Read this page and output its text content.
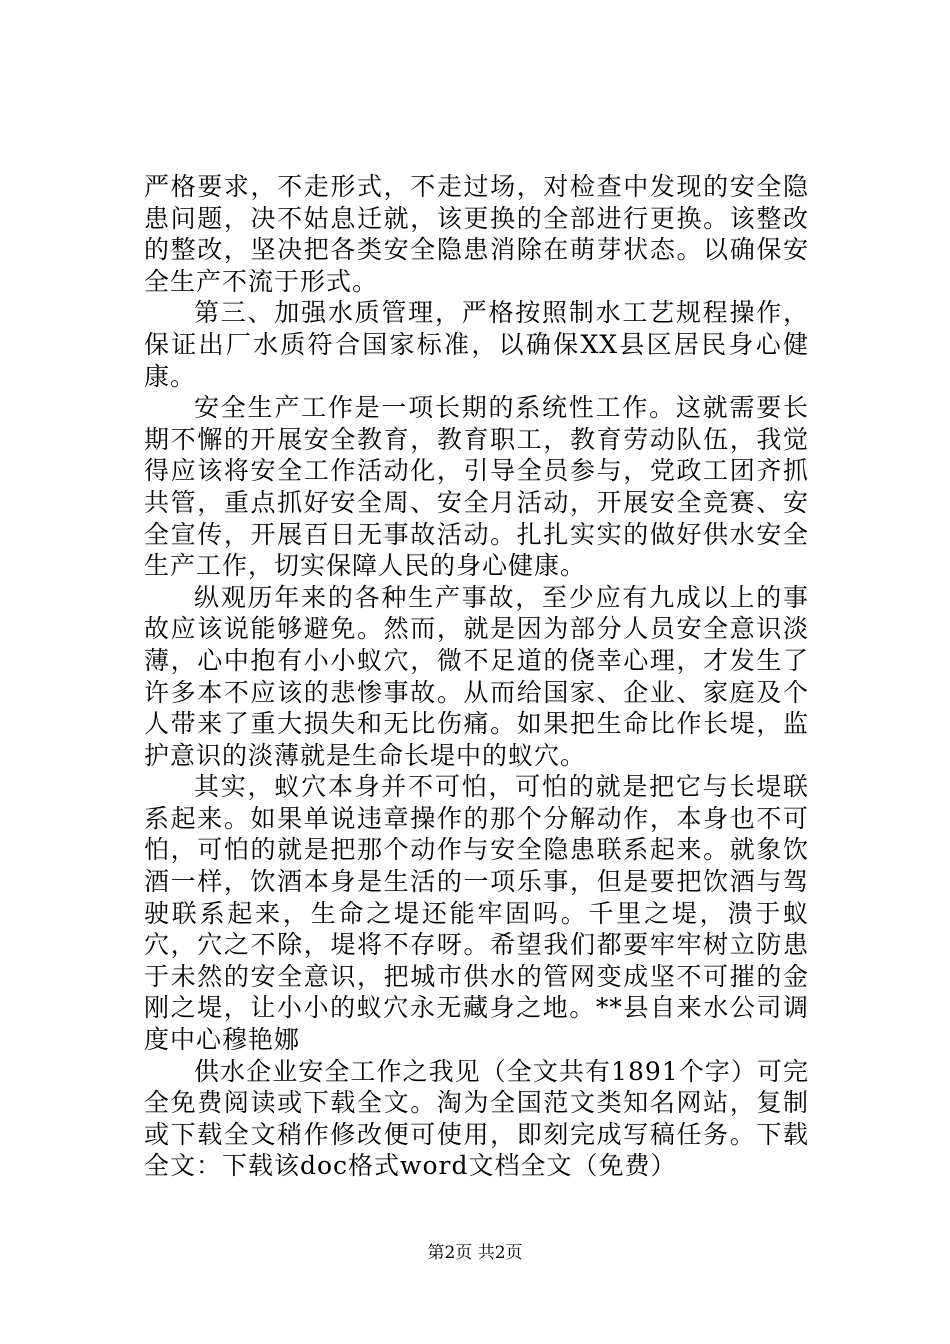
严格要求，不走形式，不走过场，对检查中发现的安全隐患问题，决不姑息迁就，该更换的全部进行更换。该整改的整改，坚决把各类安全隐患消除在萌芽状态。以确保安全生产不流于形式。

第三、加强水质管理，严格按照制水工艺规程操作，保证出厂水质符合国家标准，以确保XX县区居民身心健康。

安全生产工作是一项长期的系统性工作。这就需要长期不懈的开展安全教育，教育职工，教育劳动队伍，我觉得应该将安全工作活动化，引导全员参与，党政工团齐抓共管，重点抓好安全周、安全月活动，开展安全竞赛、安全宣传，开展百日无事故活动。扎扎实实的做好供水安全生产工作，切实保障人民的身心健康。

纵观历年来的各种生产事故，至少应有九成以上的事故应该说能够避免。然而，就是因为部分人员安全意识淡薄，心中抱有小小蚁穴，微不足道的侥幸心理，才发生了许多本不应该的悲惨事故。从而给国家、企业、家庭及个人带来了重大损失和无比伤痛。如果把生命比作长堤，监护意识的淡薄就是生命长堤中的蚁穴。

其实，蚁穴本身并不可怕，可怕的就是把它与长堤联系起来。如果单说违章操作的那个分解动作，本身也不可怕，可怕的就是把那个动作与安全隐患联系起来。就象饮酒一样，饮酒本身是生活的一项乐事，但是要把饮酒与驾驶联系起来，生命之堤还能牢固吗。千里之堤，溃于蚁穴，穴之不除，堤将不存呀。希望我们都要牢牢树立防患于未然的安全意识，把城市供水的管网变成坚不可摧的金刚之堤，让小小的蚁穴永无藏身之地。**县自来水公司调度中心穆艳娜

供水企业安全工作之我见（全文共有1891个字）可完全免费阅读或下载全文。淘为全国范文类知名网站，复制或下载全文稍作修改便可使用，即刻完成写稿任务。下载全文：下载该doc格式word文档全文（免费）

第2页 共2页
